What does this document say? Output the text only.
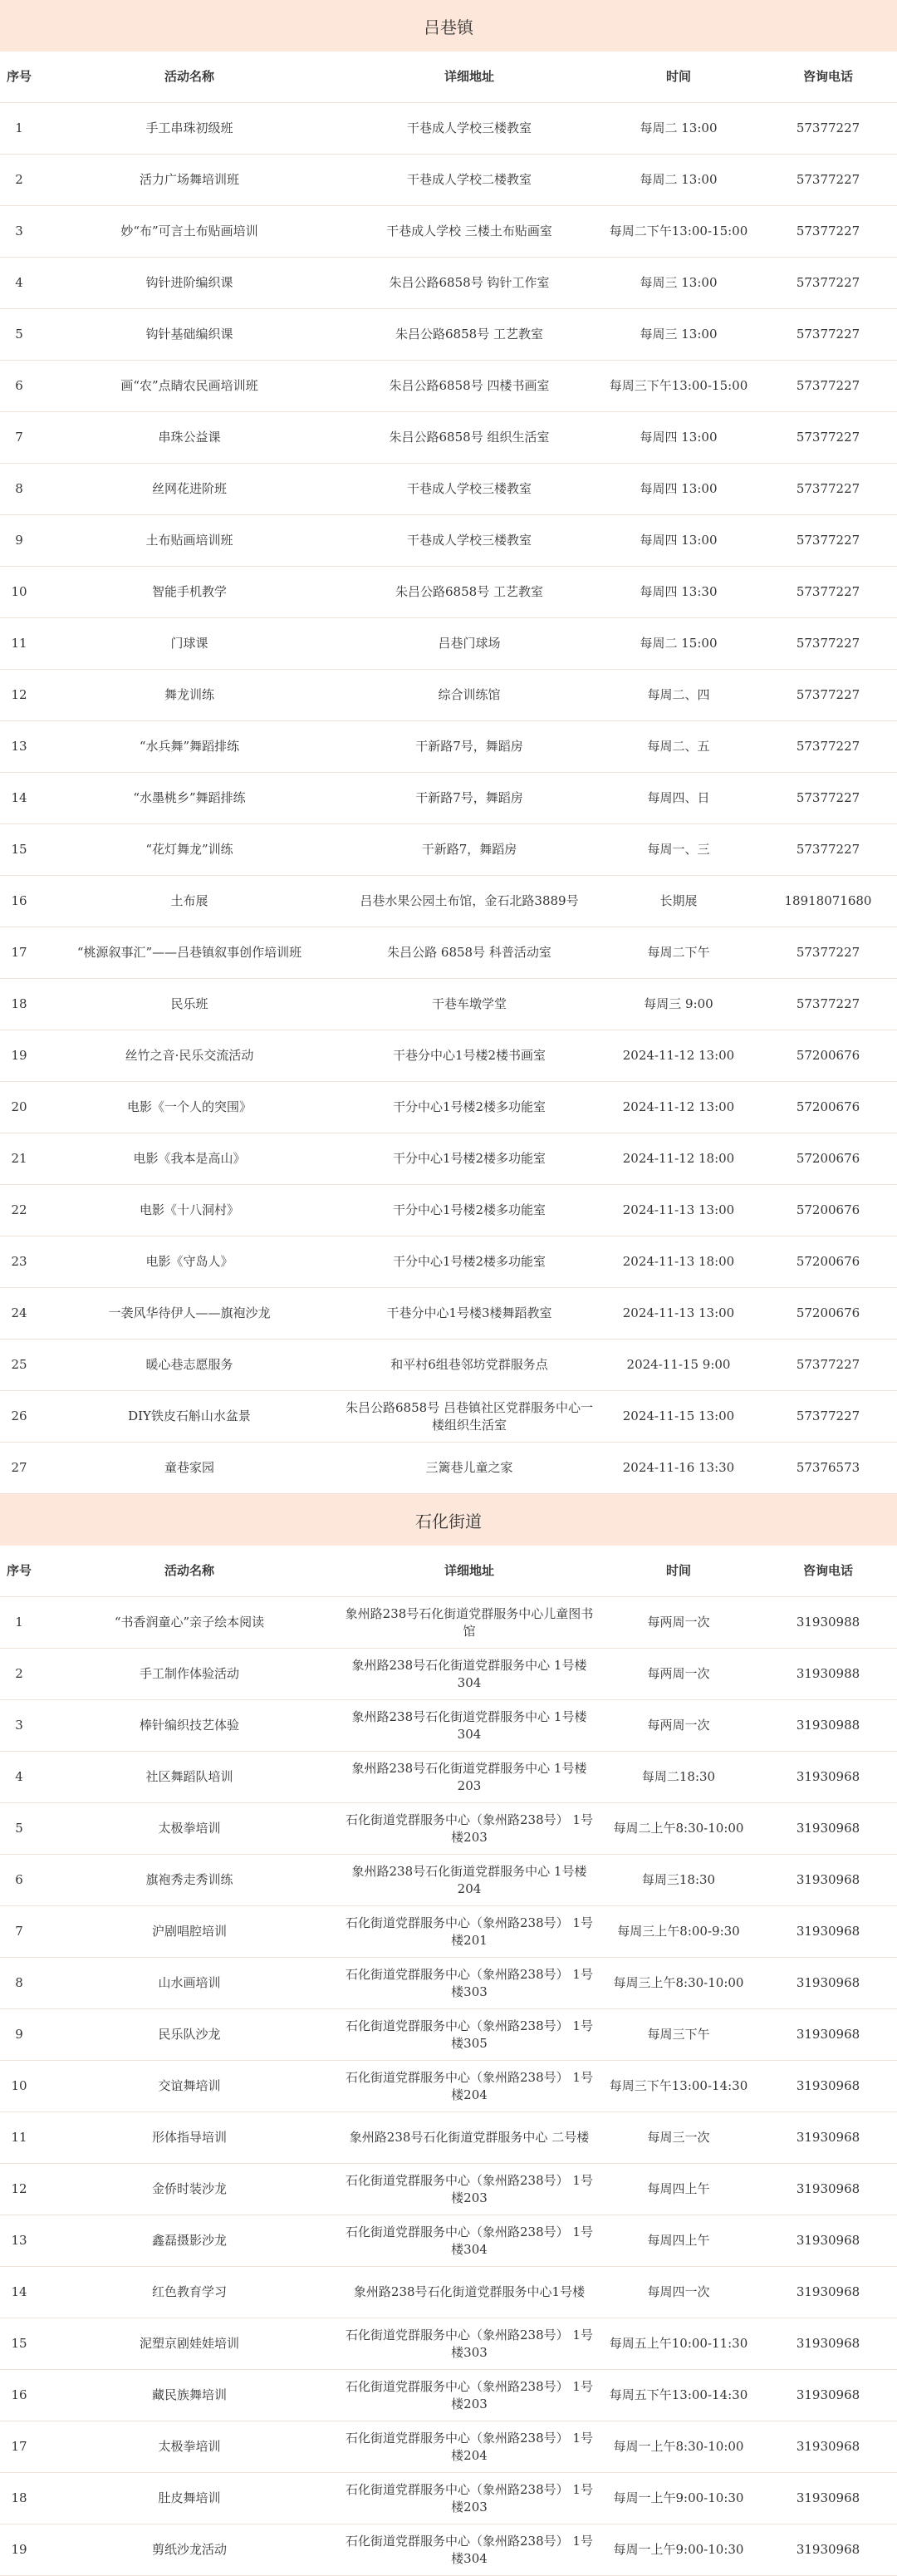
吕巷镇
序号	活动名称	详细地址	时间	咨询电话
1	手工串珠初级班	干巷成人学校三楼教室	每周二 13:00	57377227
2	活力广场舞培训班	干巷成人学校二楼教室	每周二 13:00	57377227
3	妙“布”可言土布贴画培训	干巷成人学校 三楼土布贴画室	每周二下午13:00-15:00	57377227
4	钩针进阶编织课	朱吕公路6858号 钩针工作室	每周三 13:00	57377227
5	钩针基础编织课	朱吕公路6858号 工艺教室	每周三 13:00	57377227
6	画“农”点睛农民画培训班	朱吕公路6858号 四楼书画室	每周三下午13:00-15:00	57377227
7	串珠公益课	朱吕公路6858号 组织生活室	每周四 13:00	57377227
8	丝网花进阶班	干巷成人学校三楼教室	每周四 13:00	57377227
9	土布贴画培训班	干巷成人学校三楼教室	每周四 13:00	57377227
10	智能手机教学	朱吕公路6858号 工艺教室	每周四 13:30	57377227
11	门球课	吕巷门球场	每周二 15:00	57377227
12	舞龙训练	综合训练馆	每周二、四	57377227
13	“水兵舞”舞蹈排练	干新路7号，舞蹈房	每周二、五	57377227
14	“水墨桃乡”舞蹈排练	干新路7号，舞蹈房	每周四、日	57377227
15	“花灯舞龙”训练	干新路7，舞蹈房	每周一、三	57377227
16	土布展	吕巷水果公园土布馆，金石北路3889号	长期展	18918071680
17	“桃源叙事汇”——吕巷镇叙事创作培训班	朱吕公路 6858号 科普活动室	每周二下午	57377227
18	民乐班	干巷车墩学堂	每周三 9:00	57377227
19	丝竹之音·民乐交流活动	干巷分中心1号楼2楼书画室	2024-11-12 13:00	57200676
20	电影《一个人的突围》	干分中心1号楼2楼多功能室	2024-11-12 13:00	57200676
21	电影《我本是高山》	干分中心1号楼2楼多功能室	2024-11-12 18:00	57200676
22	电影《十八洞村》	干分中心1号楼2楼多功能室	2024-11-13 13:00	57200676
23	电影《守岛人》	干分中心1号楼2楼多功能室	2024-11-13 18:00	57200676
24	一袭风华待伊人——旗袍沙龙	干巷分中心1号楼3楼舞蹈教室	2024-11-13 13:00	57200676
25	暖心巷志愿服务	和平村6组巷邻坊党群服务点	2024-11-15 9:00	57377227
26	DIY铁皮石斛山水盆景	朱吕公路6858号 吕巷镇社区党群服务中心一楼组织生活室	2024-11-15 13:00	57377227
27	童巷家园	三篱巷儿童之家	2024-11-16 13:30	57376573
石化街道
序号	活动名称	详细地址	时间	咨询电话
1	“书香润童心”亲子绘本阅读	象州路238号石化街道党群服务中心儿童图书馆	每两周一次	31930988
2	手工制作体验活动	象州路238号石化街道党群服务中心 1号楼304	每两周一次	31930988
3	棒针编织技艺体验	象州路238号石化街道党群服务中心 1号楼304	每两周一次	31930988
4	社区舞蹈队培训	象州路238号石化街道党群服务中心 1号楼203	每周二18:30	31930968
5	太极拳培训	石化街道党群服务中心（象州路238号） 1号楼203	每周二上午8:30-10:00	31930968
6	旗袍秀走秀训练	象州路238号石化街道党群服务中心 1号楼204	每周三18:30	31930968
7	沪剧唱腔培训	石化街道党群服务中心（象州路238号） 1号楼201	每周三上午8:00-9:30	31930968
8	山水画培训	石化街道党群服务中心（象州路238号） 1号楼303	每周三上午8:30-10:00	31930968
9	民乐队沙龙	石化街道党群服务中心（象州路238号） 1号楼305	每周三下午	31930968
10	交谊舞培训	石化街道党群服务中心（象州路238号） 1号楼204	每周三下午13:00-14:30	31930968
11	形体指导培训	象州路238号石化街道党群服务中心 二号楼	每周三一次	31930968
12	金侨时装沙龙	石化街道党群服务中心（象州路238号） 1号楼203	每周四上午	31930968
13	鑫磊摄影沙龙	石化街道党群服务中心（象州路238号） 1号楼304	每周四上午	31930968
14	红色教育学习	象州路238号石化街道党群服务中心1号楼	每周四一次	31930968
15	泥塑京剧娃娃培训	石化街道党群服务中心（象州路238号） 1号楼303	每周五上午10:00-11:30	31930968
16	藏民族舞培训	石化街道党群服务中心（象州路238号） 1号楼203	每周五下午13:00-14:30	31930968
17	太极拳培训	石化街道党群服务中心（象州路238号） 1号楼204	每周一上午8:30-10:00	31930968
18	肚皮舞培训	石化街道党群服务中心（象州路238号） 1号楼203	每周一上午9:00-10:30	31930968
19	剪纸沙龙活动	石化街道党群服务中心（象州路238号） 1号楼304	每周一上午9:00-10:30	31930968
